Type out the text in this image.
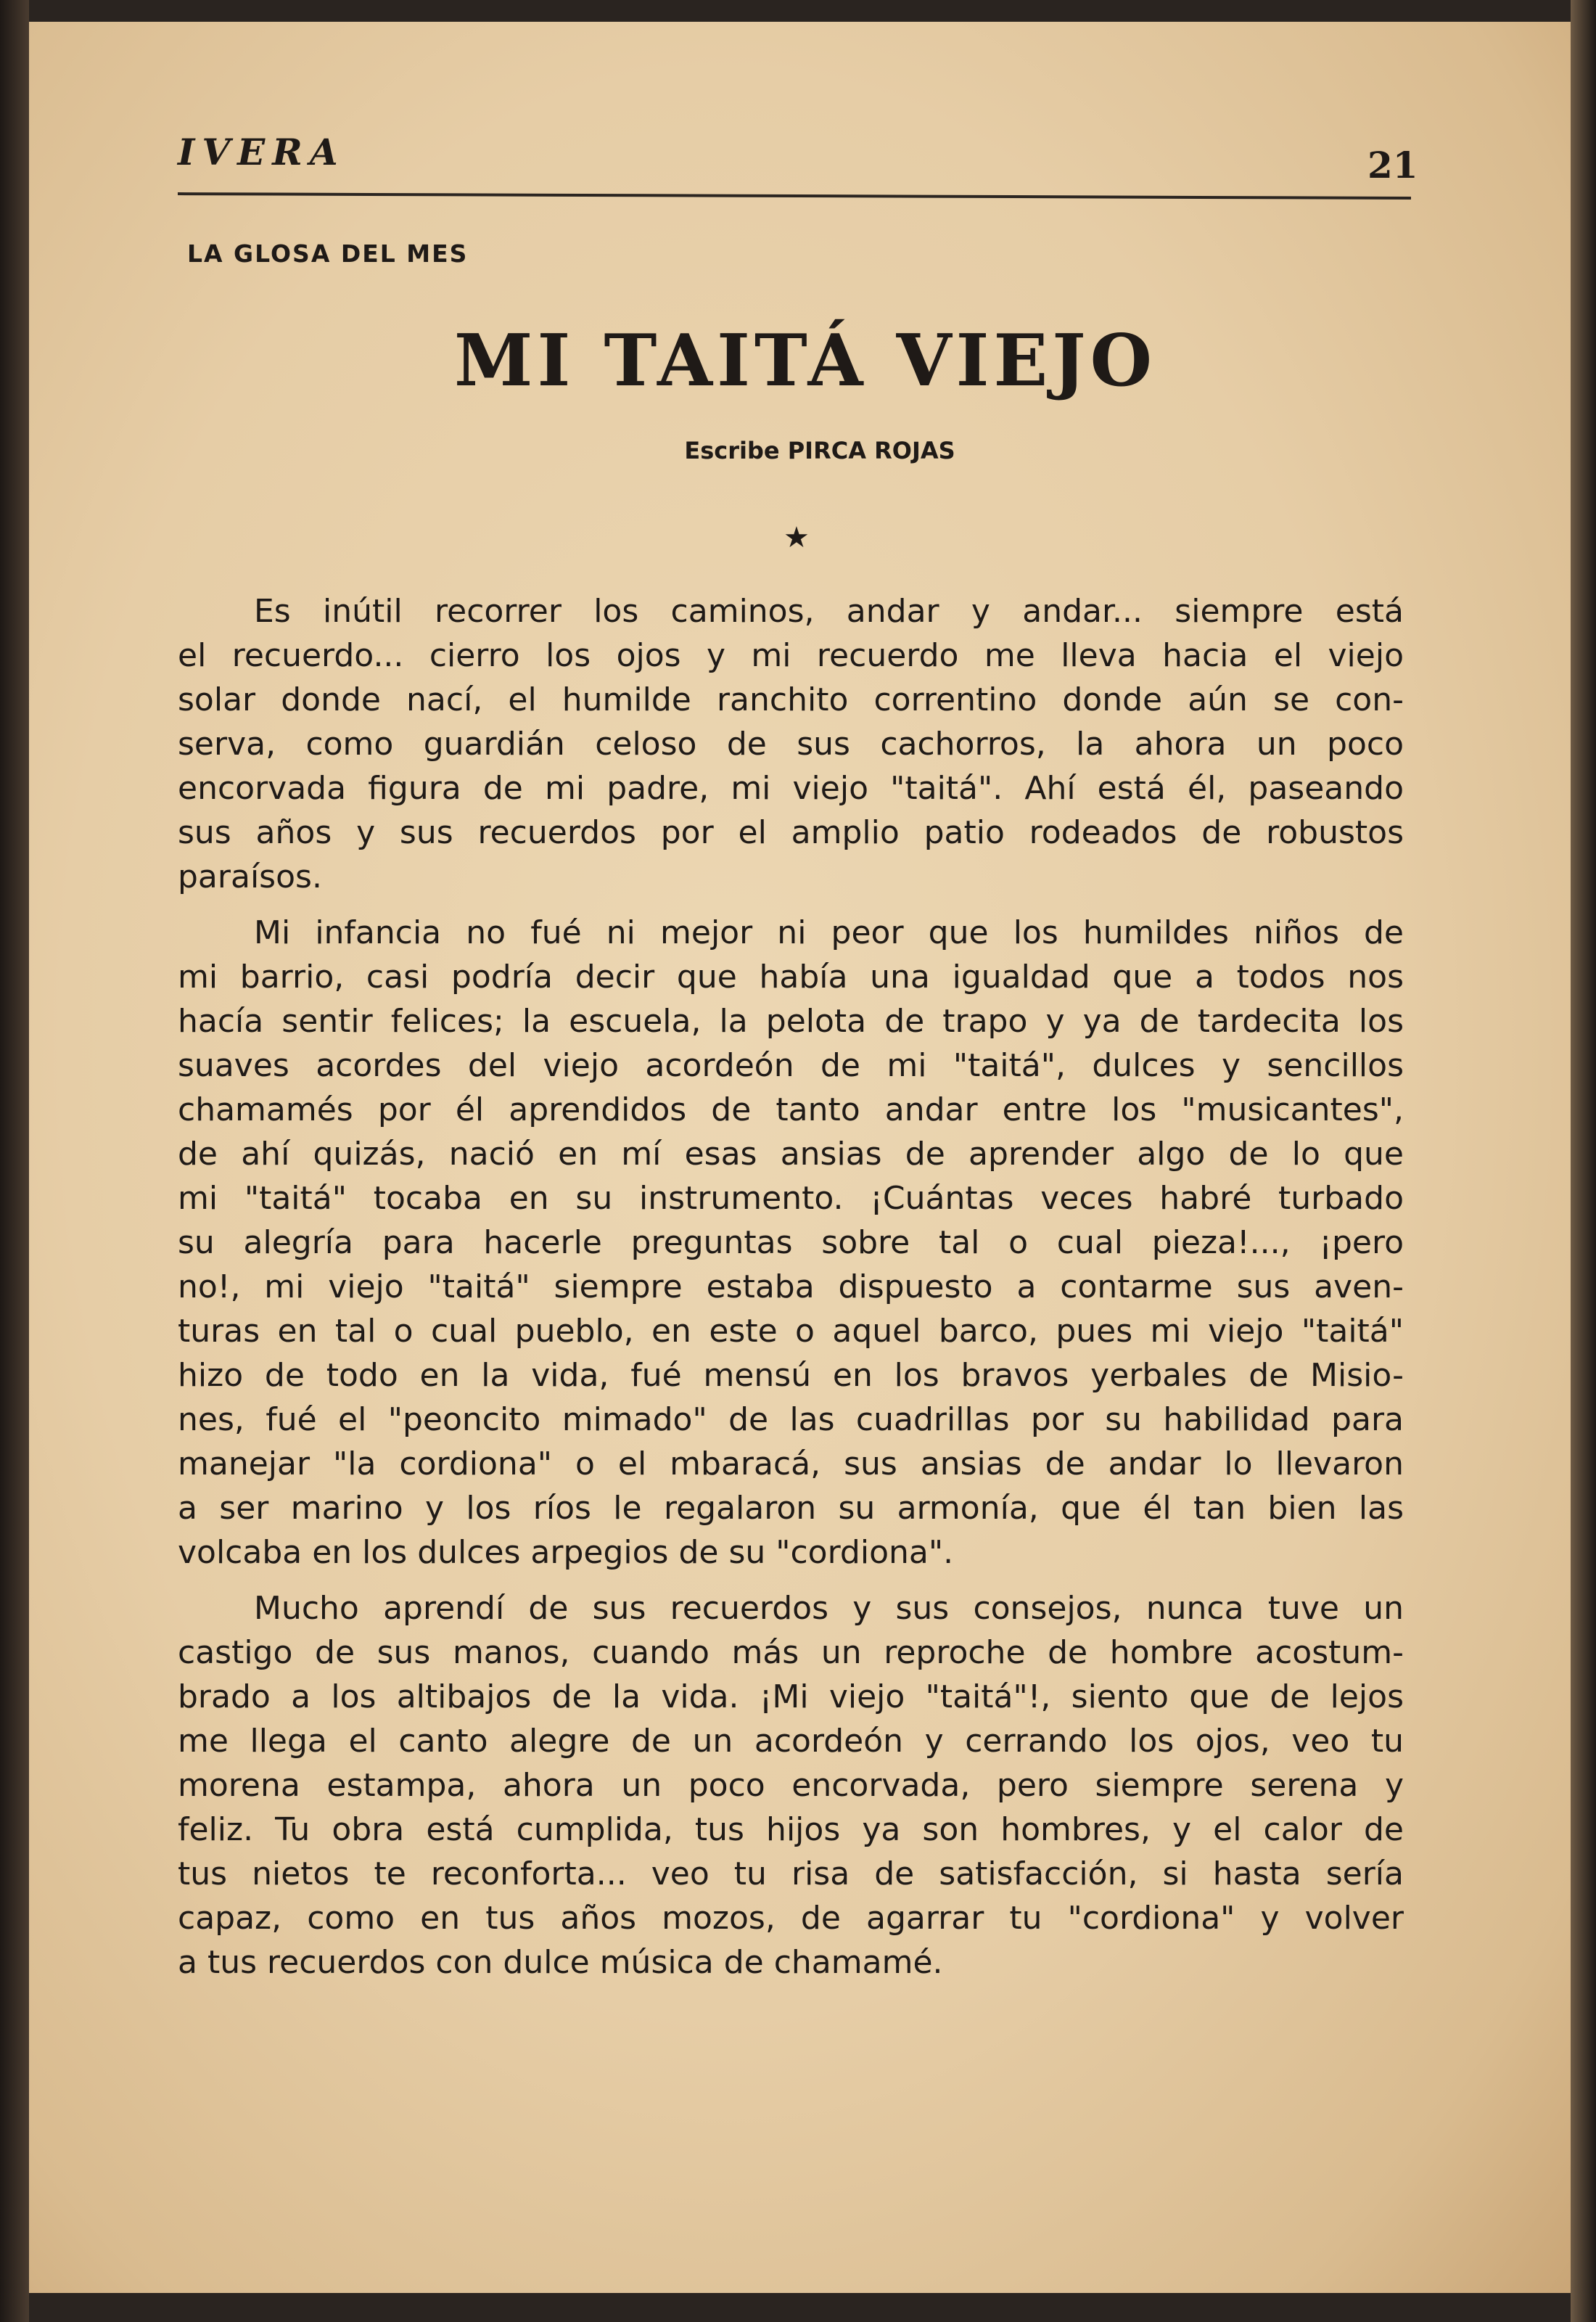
IVERA	21
LA GLOSA DEL MES
MI TAITÁ VIEJO
Escribe PIRCA ROJAS
★
Es inútil recorrer los caminos, andar y andar... siempre está
el recuerdo... cierro los ojos y mi recuerdo me lleva hacia el viejo
solar donde nací, el humilde ranchito correntino donde aún se con-
serva, como guardián celoso de sus cachorros, la ahora un poco
encorvada figura de mi padre, mi viejo "taitá". Ahí está él, paseando
sus años y sus recuerdos por el amplio patio rodeados de robustos
paraísos.
Mi infancia no fué ni mejor ni peor que los humildes niños de
mi barrio, casi podría decir que había una igualdad que a todos nos
hacía sentir felices; la escuela, la pelota de trapo y ya de tardecita los
suaves acordes del viejo acordeón de mi "taitá", dulces y sencillos
chamamés por él aprendidos de tanto andar entre los "musicantes",
de ahí quizás, nació en mí esas ansias de aprender algo de lo que
mi "taitá" tocaba en su instrumento. ¡Cuántas veces habré turbado
su alegría para hacerle preguntas sobre tal o cual pieza!..., ¡pero
no!, mi viejo "taitá" siempre estaba dispuesto a contarme sus aven-
turas en tal o cual pueblo, en este o aquel barco, pues mi viejo "taitá"
hizo de todo en la vida, fué mensú en los bravos yerbales de Misio-
nes, fué el "peoncito mimado" de las cuadrillas por su habilidad para
manejar "la cordiona" o el mbaracá, sus ansias de andar lo llevaron
a ser marino y los ríos le regalaron su armonía, que él tan bien las
volcaba en los dulces arpegios de su "cordiona".
Mucho aprendí de sus recuerdos y sus consejos, nunca tuve un
castigo de sus manos, cuando más un reproche de hombre acostum-
brado a los altibajos de la vida. ¡Mi viejo "taitá"!, siento que de lejos
me llega el canto alegre de un acordeón y cerrando los ojos, veo tu
morena estampa, ahora un poco encorvada, pero siempre serena y
feliz. Tu obra está cumplida, tus hijos ya son hombres, y el calor de
tus nietos te reconforta... veo tu risa de satisfacción, si hasta sería
capaz, como en tus años mozos, de agarrar tu "cordiona" y volver
a tus recuerdos con dulce música de chamamé.
